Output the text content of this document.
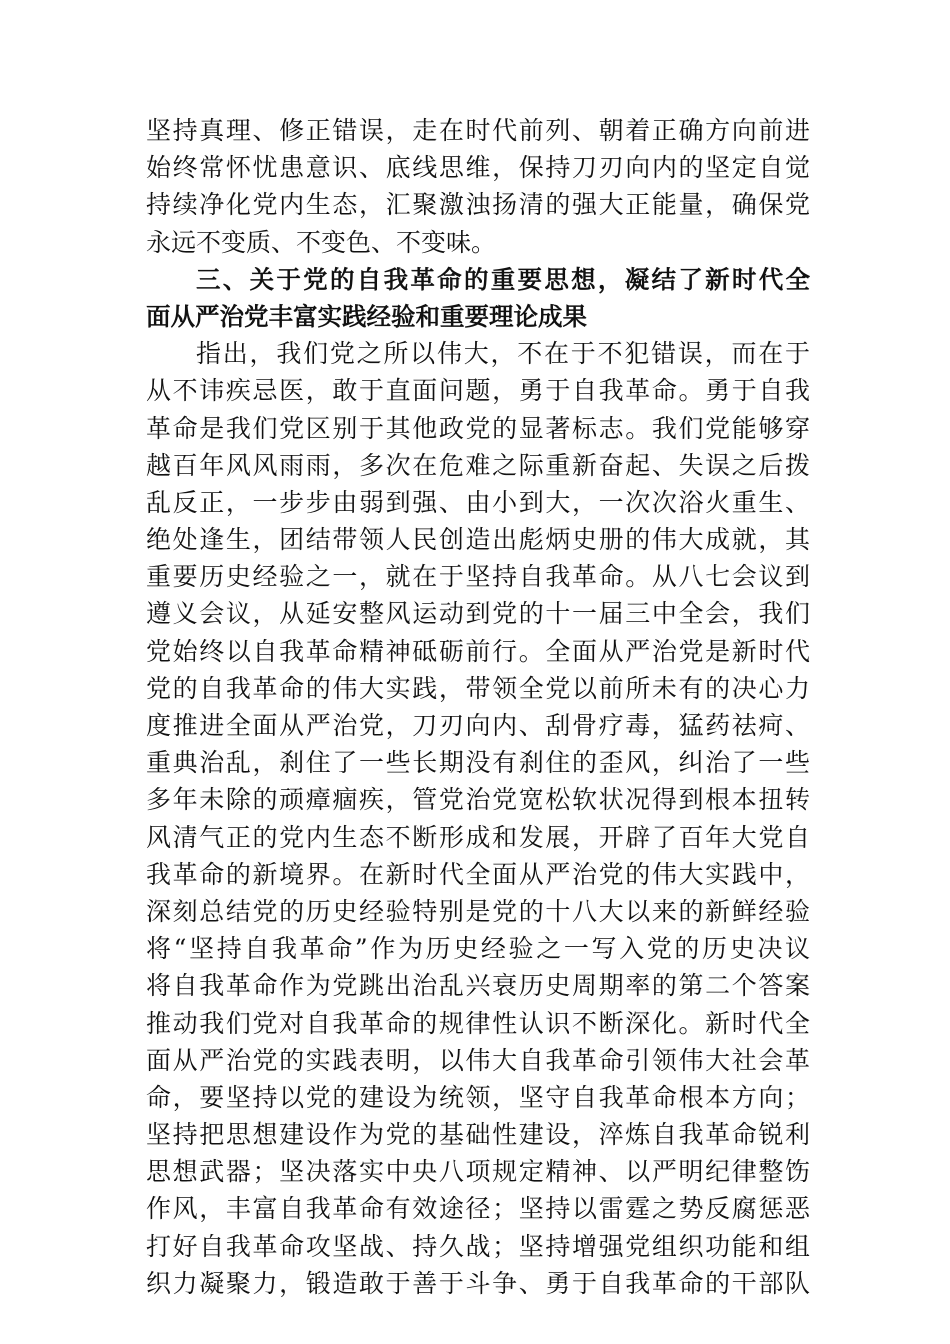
坚持真理、修正错误，走在时代前列、朝着正确方向前进
始终常怀忧患意识、底线思维，保持刀刃向内的坚定自觉
持续净化党内生态，汇聚激浊扬清的强大正能量，确保党
永远不变质、不变色、不变味。
三、关于党的自我革命的重要思想，凝结了新时代全
面从严治党丰富实践经验和重要理论成果
指出，我们党之所以伟大，不在于不犯错误，而在于
从不讳疾忌医，敢于直面问题，勇于自我革命。勇于自我
革命是我们党区别于其他政党的显著标志。我们党能够穿
越百年风风雨雨，多次在危难之际重新奋起、失误之后拨
乱反正，一步步由弱到强、由小到大，一次次浴火重生、
绝处逢生，团结带领人民创造出彪炳史册的伟大成就，其
重要历史经验之一，就在于坚持自我革命。从八七会议到
遵义会议，从延安整风运动到党的十一届三中全会，我们
党始终以自我革命精神砥砺前行。全面从严治党是新时代
党的自我革命的伟大实践，带领全党以前所未有的决心力
度推进全面从严治党，刀刃向内、刮骨疗毒，猛药祛疴、
重典治乱，刹住了一些长期没有刹住的歪风，纠治了一些
多年未除的顽瘴痼疾，管党治党宽松软状况得到根本扭转
风清气正的党内生态不断形成和发展，开辟了百年大党自
我革命的新境界。在新时代全面从严治党的伟大实践中，
深刻总结党的历史经验特别是党的十八大以来的新鲜经验
将“坚持自我革命”作为历史经验之一写入党的历史决议
将自我革命作为党跳出治乱兴衰历史周期率的第二个答案
推动我们党对自我革命的规律性认识不断深化。新时代全
面从严治党的实践表明，以伟大自我革命引领伟大社会革
命，要坚持以党的建设为统领，坚守自我革命根本方向；
坚持把思想建设作为党的基础性建设，淬炼自我革命锐利
思想武器；坚决落实中央八项规定精神、以严明纪律整饬
作风，丰富自我革命有效途径；坚持以雷霆之势反腐惩恶
打好自我革命攻坚战、持久战；坚持增强党组织功能和组
织力凝聚力，锻造敢于善于斗争、勇于自我革命的干部队
